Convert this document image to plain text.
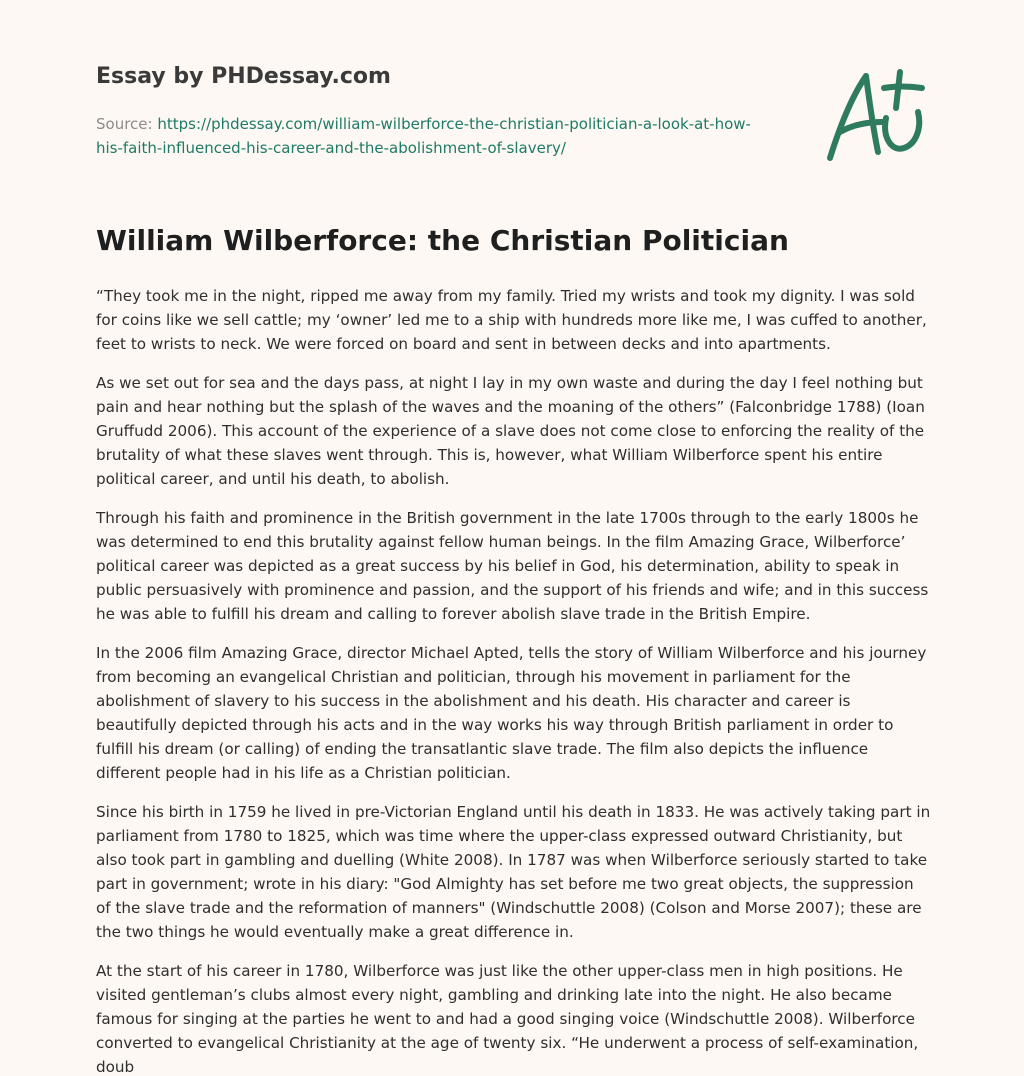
Essay by PHDessay.com
Source: https://phdessay.com/william-wilberforce-the-christian-politician-a-look-at-how-
his-faith-influenced-his-career-and-the-abolishment-of-slavery/
William Wilberforce: the Christian Politician

“They took me in the night, ripped me away from my family. Tried my wrists and took my dignity. I was sold for coins like we sell cattle; my ‘owner’ led me to a ship with hundreds more like me, I was cuffed to another, feet to wrists to neck. We were forced on board and sent in between decks and into apartments.

As we set out for sea and the days pass, at night I lay in my own waste and during the day I feel nothing but pain and hear nothing but the splash of the waves and the moaning of the others” (Falconbridge 1788) (Ioan Gruffudd 2006). This account of the experience of a slave does not come close to enforcing the reality of the brutality of what these slaves went through. This is, however, what William Wilberforce spent his entire political career, and until his death, to abolish.

Through his faith and prominence in the British government in the late 1700s through to the early 1800s he was determined to end this brutality against fellow human beings. In the film Amazing Grace, Wilberforce’ political career was depicted as a great success by his belief in God, his determination, ability to speak in public persuasively with prominence and passion, and the support of his friends and wife; and in this success he was able to fulfill his dream and calling to forever abolish slave trade in the British Empire.

In the 2006 film Amazing Grace, director Michael Apted, tells the story of William Wilberforce and his journey from becoming an evangelical Christian and politician, through his movement in parliament for the abolishment of slavery to his success in the abolishment and his death. His character and career is beautifully depicted through his acts and in the way works his way through British parliament in order to fulfill his dream (or calling) of ending the transatlantic slave trade. The film also depicts the influence different people had in his life as a Christian politician.

Since his birth in 1759 he lived in pre-Victorian England until his death in 1833. He was actively taking part in parliament from 1780 to 1825, which was time where the upper-class expressed outward Christianity, but also took part in gambling and duelling (White 2008). In 1787 was when Wilberforce seriously started to take part in government; wrote in his diary: "God Almighty has set before me two great objects, the suppression of the slave trade and the reformation of manners" (Windschuttle 2008) (Colson and Morse 2007); these are the two things he would eventually make a great difference in.

At the start of his career in 1780, Wilberforce was just like the other upper-class men in high positions. He visited gentleman’s clubs almost every night, gambling and drinking late into the night. He also became famous for singing at the parties he went to and had a good singing voice (Windschuttle 2008). Wilberforce converted to evangelical Christianity at the age of twenty six. “He underwent a process of self-examination, doub
